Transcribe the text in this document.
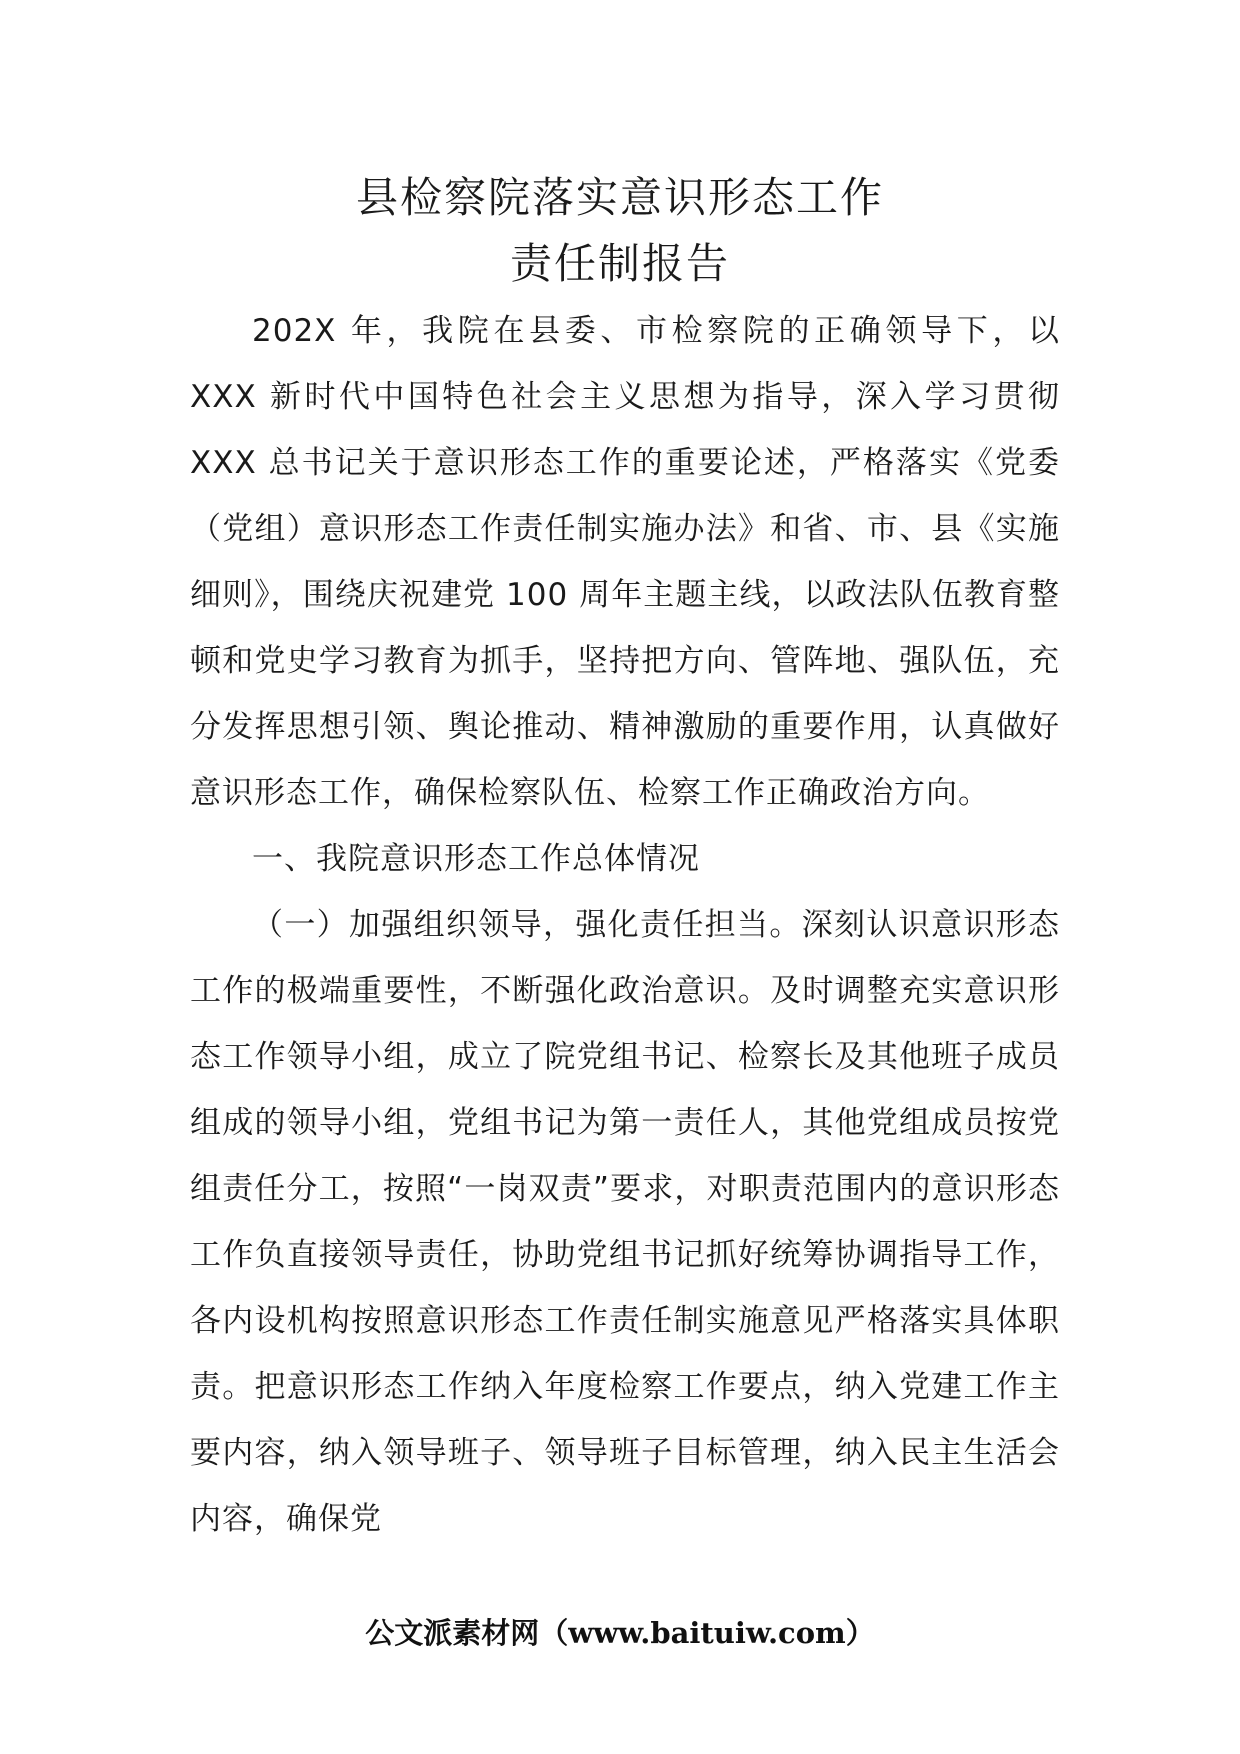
县检察院落实意识形态工作
责任制报告

202X 年，我院在县委、市检察院的正确领导下，以 XXX 新时代中国特色社会主义思想为指导，深入学习贯彻 XXX 总书记关于意识形态工作的重要论述，严格落实《党委（党组）意识形态工作责任制实施办法》和省、市、县《实施细则》，围绕庆祝建党 100 周年主题主线，以政法队伍教育整顿和党史学习教育为抓手，坚持把方向、管阵地、强队伍，充分发挥思想引领、舆论推动、精神激励的重要作用，认真做好意识形态工作，确保检察队伍、检察工作正确政治方向。

一、我院意识形态工作总体情况

（一）加强组织领导，强化责任担当。深刻认识意识形态工作的极端重要性，不断强化政治意识。及时调整充实意识形态工作领导小组，成立了院党组书记、检察长及其他班子成员组成的领导小组，党组书记为第一责任人，其他党组成员按党组责任分工，按照“一岗双责”要求，对职责范围内的意识形态工作负直接领导责任，协助党组书记抓好统筹协调指导工作，各内设机构按照意识形态工作责任制实施意见严格落实具体职责。把意识形态工作纳入年度检察工作要点，纳入党建工作主要内容，纳入领导班子、领导班子目标管理，纳入民主生活会内容，确保党

公文派素材网（www.baituiw.com）
